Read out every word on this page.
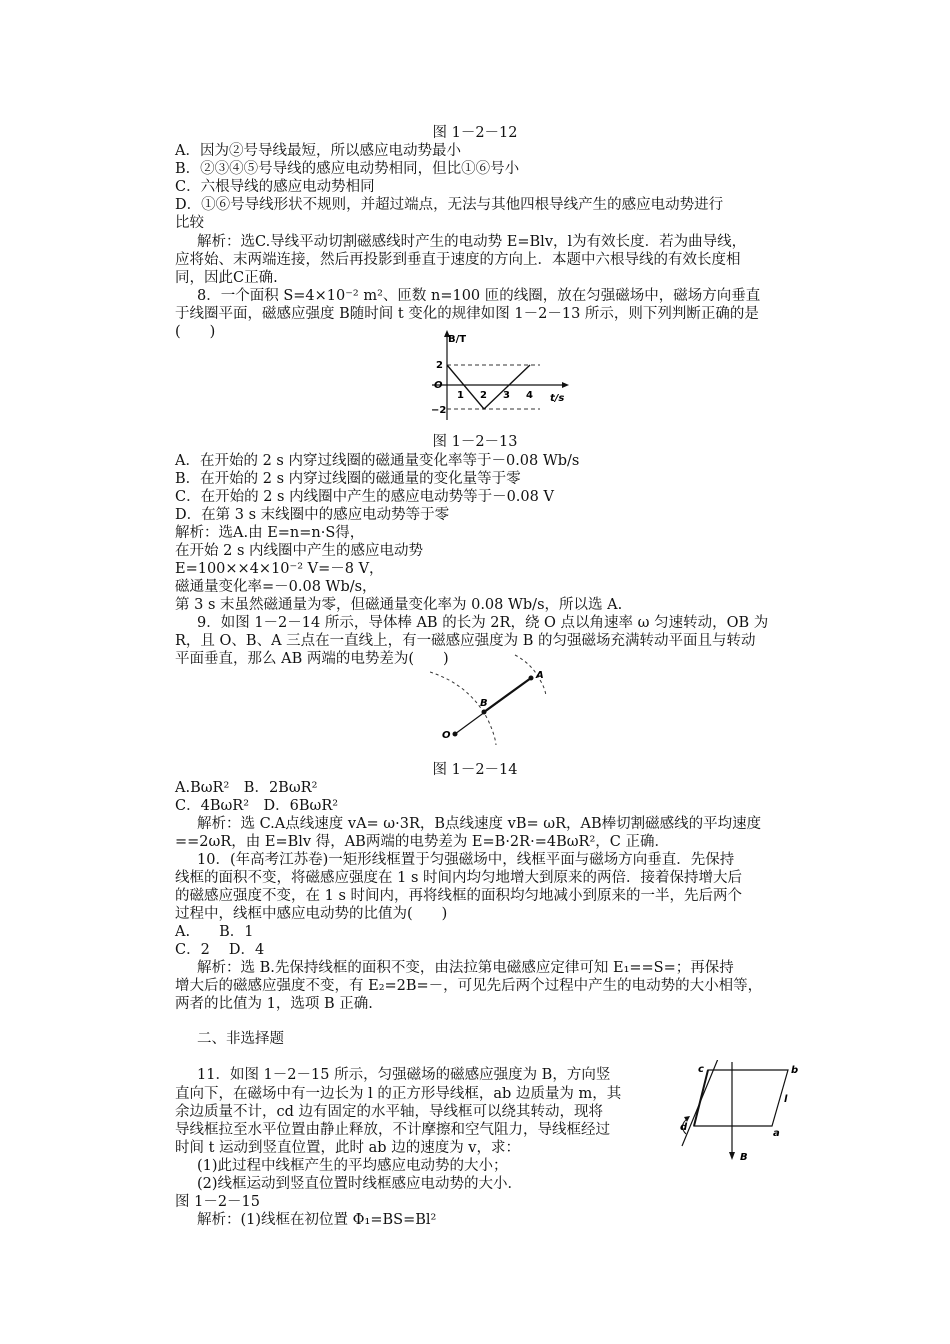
图 1－2－12
A．因为②号导线最短，所以感应电动势最小
B．②③④⑤号导线的感应电动势相同，但比①⑥号小
C．六根导线的感应电动势相同
D．①⑥号导线形状不规则，并超过端点，无法与其他四根导线产生的感应电动势进行
比较
解析：选C.导线平动切割磁感线时产生的电动势 E=Blv，l为有效长度．若为曲导线，
应将始、末两端连接，然后再投影到垂直于速度的方向上．本题中六根导线的有效长度相
同，因此C正确.
8．一个面积 S=4×10⁻² m²、匝数 n=100 匝的线圈，放在匀强磁场中，磁场方向垂直
于线圈平面，磁感应强度 B随时间 t 变化的规律如图 1－2－13 所示，则下列判断正确的是
(　　)	B/T
t/s
O
2
−2
1 2 3 4
图 1－2－13
A．在开始的 2 s 内穿过线圈的磁通量变化率等于－0.08 Wb/s
B．在开始的 2 s 内穿过线圈的磁通量的变化量等于零
C．在开始的 2 s 内线圈中产生的感应电动势等于－0.08 V
D．在第 3 s 末线圈中的感应电动势等于零
解析：选A.由 E=n=n·S得，
在开始 2 s 内线圈中产生的感应电动势
E=100××4×10⁻² V=－8 V，
磁通量变化率=－0.08 Wb/s，
第 3 s 末虽然磁通量为零，但磁通量变化率为 0.08 Wb/s，所以选 A.
9．如图 1－2－14 所示，导体棒 AB 的长为 2R，绕 O 点以角速率 ω 匀速转动，OB 为
R，且 O、B、A 三点在一直线上，有一磁感应强度为 B 的匀强磁场充满转动平面且与转动
平面垂直，那么 AB 两端的电势差为(　　)
A
B
O
图 1－2－14
A.BωR²　B．2BωR²
C．4BωR²　D．6BωR²
解析：选 C.A点线速度 vA= ω·3R，B点线速度 vB= ωR，AB棒切割磁感线的平均速度
==2ωR，由 E=Blv 得，AB两端的电势差为 E=B·2R·=4BωR²，C 正确．
10．(年高考江苏卷)一矩形线框置于匀强磁场中，线框平面与磁场方向垂直．先保持
线框的面积不变，将磁感应强度在 1 s 时间内均匀地增大到原来的两倍．接着保持增大后
的磁感应强度不变，在 1 s 时间内，再将线框的面积均匀地减小到原来的一半，先后两个
过程中，线框中感应电动势的比值为(　　)
A.　　B．1
C．2　 D．4
解析：选 B.先保持线框的面积不变，由法拉第电磁感应定律可知 E₁==S=；再保持
增大后的磁感应强度不变，有 E₂=2B=－，可见先后两个过程中产生的电动势的大小相等，
两者的比值为 1，选项 B 正确.
二、非选择题
11．如图 1－2－15 所示，匀强磁场的磁感应强度为 B，方向竖
直向下，在磁场中有一边长为 l 的正方形导线框，ab 边质量为 m，其
余边质量不计，cd 边有固定的水平轴，导线框可以绕其转动，现将
导线框拉至水平位置由静止释放，不计摩擦和空气阻力，导线框经过
时间 t 运动到竖直位置，此时 ab 边的速度为 v，求：
(1)此过程中线框产生的平均感应电动势的大小；
(2)线框运动到竖直位置时线框感应电动势的大小．
图 1－2－15
解析：(1)线框在初位置 Φ₁=BS=Bl²
c	b
d
a
l
B
